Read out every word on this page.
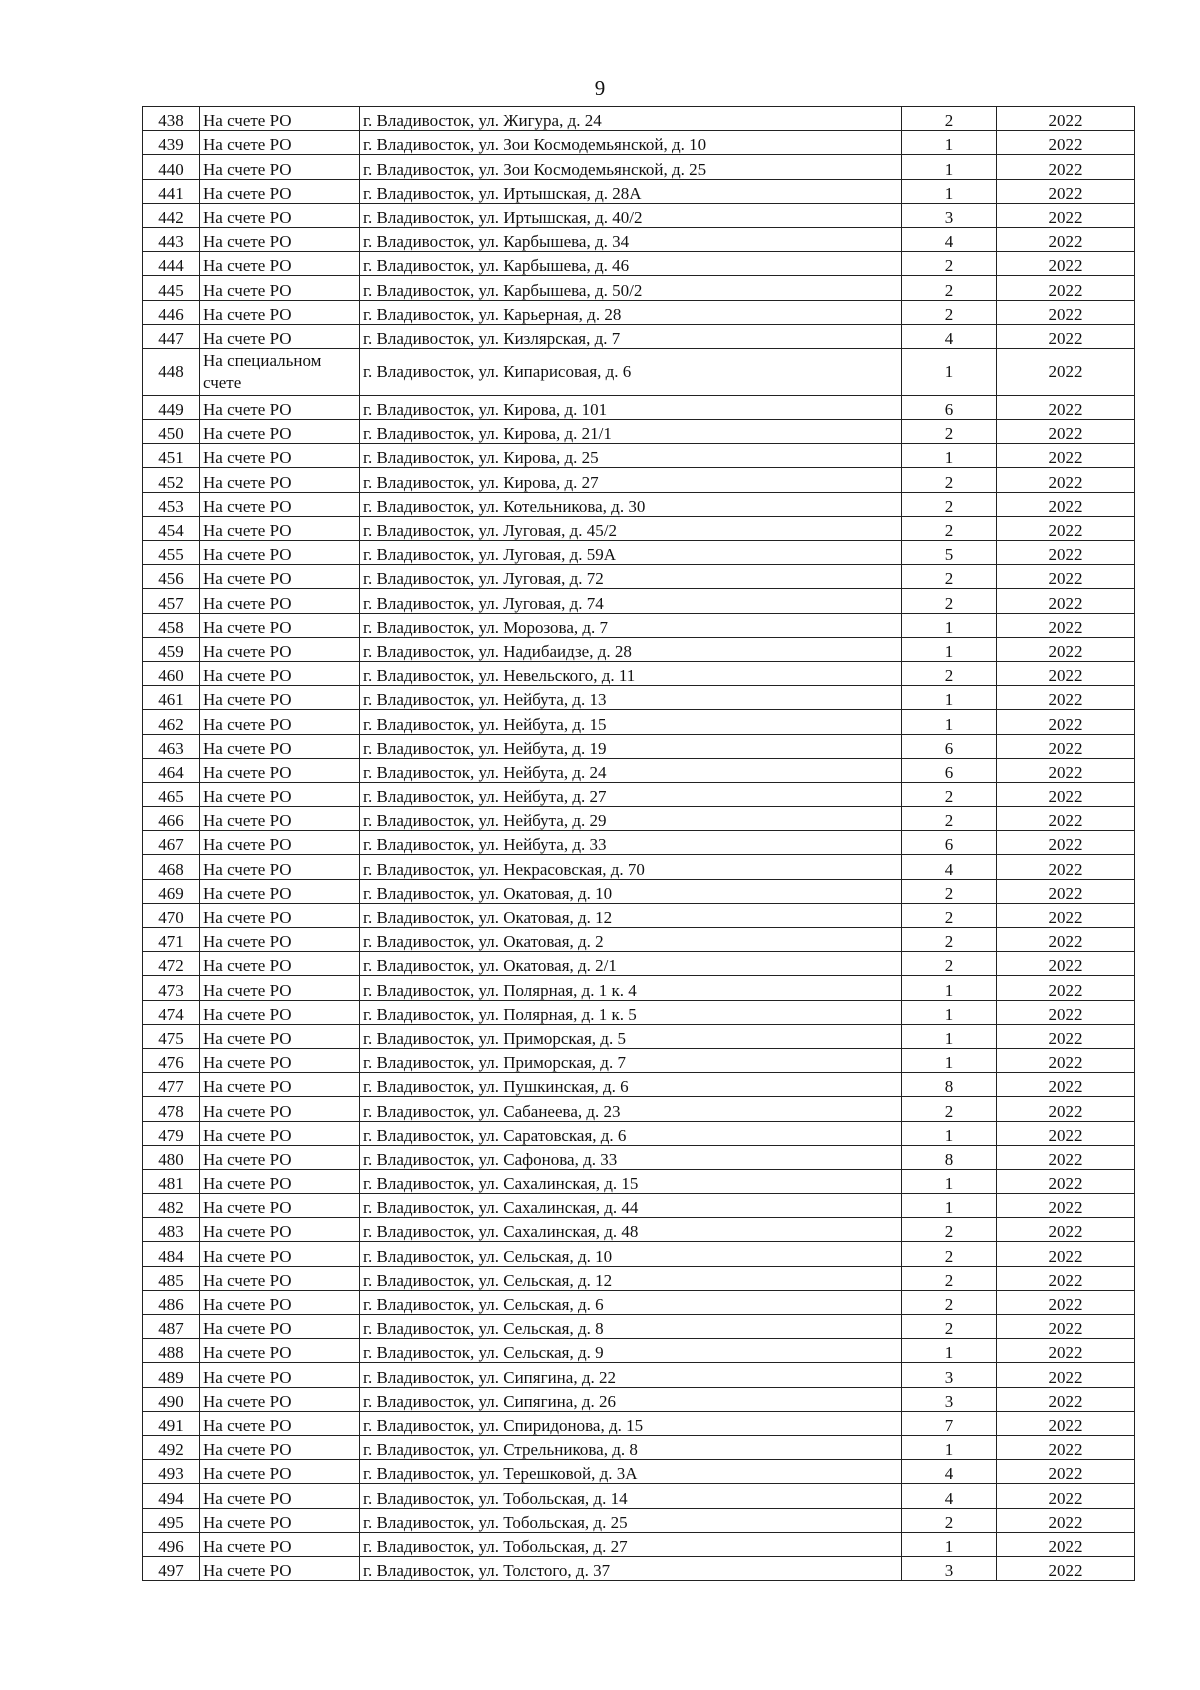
9
438	На счете РО	г. Владивосток, ул. Жигура, д. 24	2	2022
439	На счете РО	г. Владивосток, ул. Зои Космодемьянской, д. 10	1	2022
440	На счете РО	г. Владивосток, ул. Зои Космодемьянской, д. 25	1	2022
441	На счете РО	г. Владивосток, ул. Иртышская, д. 28А	1	2022
442	На счете РО	г. Владивосток, ул. Иртышская, д. 40/2	3	2022
443	На счете РО	г. Владивосток, ул. Карбышева, д. 34	4	2022
444	На счете РО	г. Владивосток, ул. Карбышева, д. 46	2	2022
445	На счете РО	г. Владивосток, ул. Карбышева, д. 50/2	2	2022
446	На счете РО	г. Владивосток, ул. Карьерная, д. 28	2	2022
447	На счете РО	г. Владивосток, ул. Кизлярская, д. 7	4	2022
448	На специальном счете	г. Владивосток, ул. Кипарисовая, д. 6	1	2022
449	На счете РО	г. Владивосток, ул. Кирова, д. 101	6	2022
450	На счете РО	г. Владивосток, ул. Кирова, д. 21/1	2	2022
451	На счете РО	г. Владивосток, ул. Кирова, д. 25	1	2022
452	На счете РО	г. Владивосток, ул. Кирова, д. 27	2	2022
453	На счете РО	г. Владивосток, ул. Котельникова, д. 30	2	2022
454	На счете РО	г. Владивосток, ул. Луговая, д. 45/2	2	2022
455	На счете РО	г. Владивосток, ул. Луговая, д. 59А	5	2022
456	На счете РО	г. Владивосток, ул. Луговая, д. 72	2	2022
457	На счете РО	г. Владивосток, ул. Луговая, д. 74	2	2022
458	На счете РО	г. Владивосток, ул. Морозова, д. 7	1	2022
459	На счете РО	г. Владивосток, ул. Надибаидзе, д. 28	1	2022
460	На счете РО	г. Владивосток, ул. Невельского, д. 11	2	2022
461	На счете РО	г. Владивосток, ул. Нейбута, д. 13	1	2022
462	На счете РО	г. Владивосток, ул. Нейбута, д. 15	1	2022
463	На счете РО	г. Владивосток, ул. Нейбута, д. 19	6	2022
464	На счете РО	г. Владивосток, ул. Нейбута, д. 24	6	2022
465	На счете РО	г. Владивосток, ул. Нейбута, д. 27	2	2022
466	На счете РО	г. Владивосток, ул. Нейбута, д. 29	2	2022
467	На счете РО	г. Владивосток, ул. Нейбута, д. 33	6	2022
468	На счете РО	г. Владивосток, ул. Некрасовская, д. 70	4	2022
469	На счете РО	г. Владивосток, ул. Окатовая, д. 10	2	2022
470	На счете РО	г. Владивосток, ул. Окатовая, д. 12	2	2022
471	На счете РО	г. Владивосток, ул. Окатовая, д. 2	2	2022
472	На счете РО	г. Владивосток, ул. Окатовая, д. 2/1	2	2022
473	На счете РО	г. Владивосток, ул. Полярная, д. 1 к. 4	1	2022
474	На счете РО	г. Владивосток, ул. Полярная, д. 1 к. 5	1	2022
475	На счете РО	г. Владивосток, ул. Приморская, д. 5	1	2022
476	На счете РО	г. Владивосток, ул. Приморская, д. 7	1	2022
477	На счете РО	г. Владивосток, ул. Пушкинская, д. 6	8	2022
478	На счете РО	г. Владивосток, ул. Сабанеева, д. 23	2	2022
479	На счете РО	г. Владивосток, ул. Саратовская, д. 6	1	2022
480	На счете РО	г. Владивосток, ул. Сафонова, д. 33	8	2022
481	На счете РО	г. Владивосток, ул. Сахалинская, д. 15	1	2022
482	На счете РО	г. Владивосток, ул. Сахалинская, д. 44	1	2022
483	На счете РО	г. Владивосток, ул. Сахалинская, д. 48	2	2022
484	На счете РО	г. Владивосток, ул. Сельская, д. 10	2	2022
485	На счете РО	г. Владивосток, ул. Сельская, д. 12	2	2022
486	На счете РО	г. Владивосток, ул. Сельская, д. 6	2	2022
487	На счете РО	г. Владивосток, ул. Сельская, д. 8	2	2022
488	На счете РО	г. Владивосток, ул. Сельская, д. 9	1	2022
489	На счете РО	г. Владивосток, ул. Сипягина, д. 22	3	2022
490	На счете РО	г. Владивосток, ул. Сипягина, д. 26	3	2022
491	На счете РО	г. Владивосток, ул. Спиридонова, д. 15	7	2022
492	На счете РО	г. Владивосток, ул. Стрельникова, д. 8	1	2022
493	На счете РО	г. Владивосток, ул. Терешковой, д. 3А	4	2022
494	На счете РО	г. Владивосток, ул. Тобольская, д. 14	4	2022
495	На счете РО	г. Владивосток, ул. Тобольская, д. 25	2	2022
496	На счете РО	г. Владивосток, ул. Тобольская, д. 27	1	2022
497	На счете РО	г. Владивосток, ул. Толстого, д. 37	3	2022
